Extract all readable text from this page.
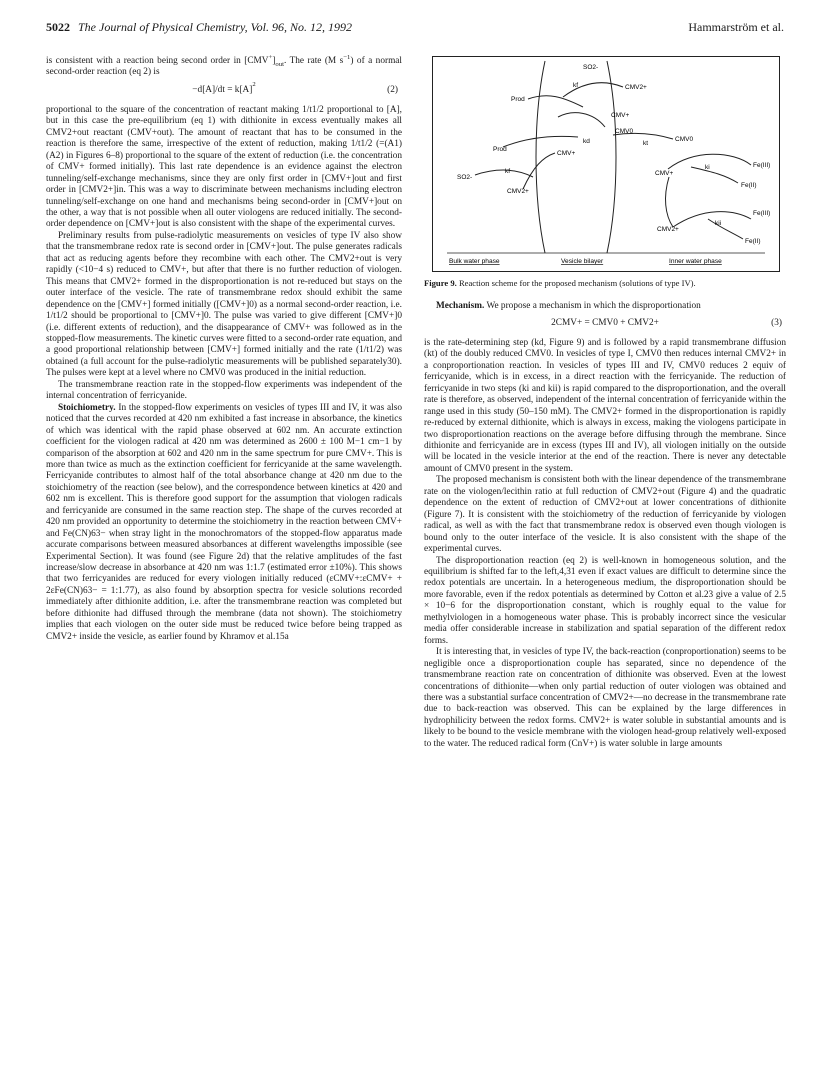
5022 The Journal of Physical Chemistry, Vol. 96, No. 12, 1992	Hammarström et al.

is consistent with a reaction being second order in $[CMV^+]_{out}$. The rate (M $s^{-1}$) of a normal second-order reaction (eq 2) is

−d[A]/dt = k[A]
2
(2)

proportional to the square of the concentration of reactant making 1/t1/2 proportional to [A], but in this case the pre-equilibrium (eq 1) with dithionite in excess eventually makes all CMV2+out reactant (CMV+out). The amount of reactant that has to be consumed in the reaction is therefore the same, irrespective of the extent of reduction, making 1/t1/2 (=(A1)(A2) in Figures 6–8) proportional to the square of the extent of reduction (i.e. the concentration of CMV+ formed initially). This last rate dependence is an evidence against the electron tunneling/self-exchange mechanisms, since they are only first order in [CMV+]out and first order in [CMV2+]in. This was a way to discriminate between mechanisms including electron tunneling/self-exchange on one hand and mechanisms being second-order in [CMV+]out on the other, a way that is not possible when all outer viologens are reduced initially. The second-order dependence on [CMV+]out is also consistent with the shape of the experimental curves.

Preliminary results from pulse-radiolytic measurements on vesicles of type IV also show that the transmembrane redox rate is second order in [CMV+]out. The pulse generates radicals that act as reducing agents before they recombine with each other. The CMV2+out is very rapidly (<10−4 s) reduced to CMV+, but after that there is no further reduction of viologen. This means that CMV2+ formed in the disproportionation is not re-reduced but stays on the outer interface of the vesicle. The rate of transmembrane redox should exhibit the same dependence on the [CMV+] formed initially ([CMV+]0) as a normal second-order reaction, i.e. 1/t1/2 should be proportional to [CMV+]0. The pulse was varied to give different [CMV+]0 (i.e. different extents of reduction), and the disappearance of CMV+ was followed as in the stopped-flow measurements. The kinetic curves were fitted to a second-order rate equation, and a good proportional relationship between [CMV+] formed initially and the rate (1/t1/2) was obtained (a full account for the pulse-radiolytic measurements will be published separately30). The pulses were kept at a level where no CMV0 was produced in the initial reduction.

The transmembrane reaction rate in the stopped-flow experiments was independent of the internal concentration of ferricyanide.

Stoichiometry. In the stopped-flow experiments on vesicles of types III and IV, it was also noticed that the curves recorded at 420 nm exhibited a fast increase in absorbance, the kinetics of which was identical with the rapid phase observed at 602 nm. An accurate extinction coefficient for the viologen radical at 420 nm was determined as 2600 ± 100 M−1 cm−1 by comparison of the absorption at 602 and 420 nm in the same spectrum for pure CMV+. This is more than twice as much as the extinction coefficient for ferricyanide at the same wavelength. Ferricyanide contributes to almost half of the total absorbance change at 420 nm due to the stoichiometry of the reaction (see below), and the correspondence between kinetics at 420 and 602 nm is excellent. This is therefore good support for the assumption that viologen radicals and ferricyanide are consumed in the same reaction step. The shape of the curves recorded at 420 nm provided an opportunity to determine the stoichiometry in the reaction between CMV+ and Fe(CN)63− when stray light in the monochromators of the stopped-flow apparatus made accurate comparisons between measured absorbances at different wavelengths impossible (see Experimental Section). It was found (see Figure 2d) that the relative amplitudes of the fast increase/slow decrease in absorbance at 420 nm was 1:1.7 (estimated error ±10%). This shows that two ferricyanides are reduced for every viologen initially reduced (εCMV+:εCMV+ + 2εFe(CN)63− = 1:1.77), as also found by absorption spectra for vesicle solutions recorded immediately after dithionite addition, i.e. after the transmembrane reaction was completed but before dithionite had diffused through the membrane (data not shown). The stoichiometry implies that each viologen on the outer side must be reduced twice before being trapped as CMV2+ inside the vesicle, as earlier found by Khramov et al.15a

SO2-
CMV2+
kf
Prod
CMV+
CMV0
kd	kt
CMV0
Prod
kf
CMV+
SO2-
CMV2+
ki	Fe(III)
Fe(II)
CMV+
Fe(III)
kii
CMV2+
Fe(II)
Bulk water phase	Vesicle bilayer	Inner water phase
Figure 9. Reaction scheme for the proposed mechanism (solutions of type IV).

Mechanism. We propose a mechanism in which the disproportionation

2CMV+ = CMV0 + CMV2+	(3)

is the rate-determining step (kd, Figure 9) and is followed by a rapid transmembrane diffusion (kt) of the doubly reduced CMV0. In vesicles of type I, CMV0 then reduces internal CMV2+ in a conproportionation reaction. In vesicles of types III and IV, CMV0 reduces 2 equiv of ferricyanide, which is in excess, in a direct reaction with the ferricyanide. The reduction of ferricyanide in two steps (ki and kii) is rapid compared to the disproportionation, and the overall rate is therefore, as observed, independent of the internal concentration of ferricyanide within the range used in this study (50–150 mM). The CMV2+ formed in the disproportionation is rapidly re-reduced by external dithionite, which is always in excess, making the viologens participate in two disproportionation reactions on the average before diffusing through the membrane. Since dithionite and ferricyanide are in excess (types III and IV), all viologen initially on the outside will be located in the vesicle interior at the end of the reaction. There is never any detectable amount of CMV0 present in the system.

The proposed mechanism is consistent both with the linear dependence of the transmembrane rate on the viologen/lecithin ratio at full reduction of CMV2+out (Figure 4) and the quadratic dependence on the extent of reduction of CMV2+out at lower concentrations of dithionite (Figure 7). It is consistent with the stoichiometry of the reduction of ferricyanide by viologen radical, as well as with the fact that transmembrane redox is observed even though viologen is bound only to the outer interface of the vesicle. It is also consistent with the shape of the experimental curves.

The disproportionation reaction (eq 2) is well-known in homogeneous solution, and the equilibrium is shifted far to the left,4,31 even if exact values are difficult to determine since the redox potentials are uncertain. In a heterogeneous medium, the disproportionation should be more favorable, even if the redox potentials as determined by Cotton et al.23 give a value of 2.5 × 10−6 for the disproportionation constant, which is roughly equal to the value for methylviologen in a homogeneous water phase. This is probably incorrect since the vesicular media offer considerable increase in stabilization and spatial separation of the different redox forms.

It is interesting that, in vesicles of type IV, the back-reaction (conproportionation) seems to be negligible once a disproportionation couple has separated, since no dependence of the transmembrane reaction rate on concentration of dithionite was observed. Even at the lowest concentrations of dithionite—when only partial reduction of outer viologen was obtained and there was a substantial surface concentration of CMV2+—no decrease in the transmembrane rate due to back-reaction was observed. This can be explained by the large differences in hydrophilicity between the redox forms. CMV2+ is water soluble in substantial amounts and is likely to be bound to the vesicle membrane with the viologen head-group relatively well-exposed to the water. The reduced radical form (CnV+) is water soluble in large amounts
